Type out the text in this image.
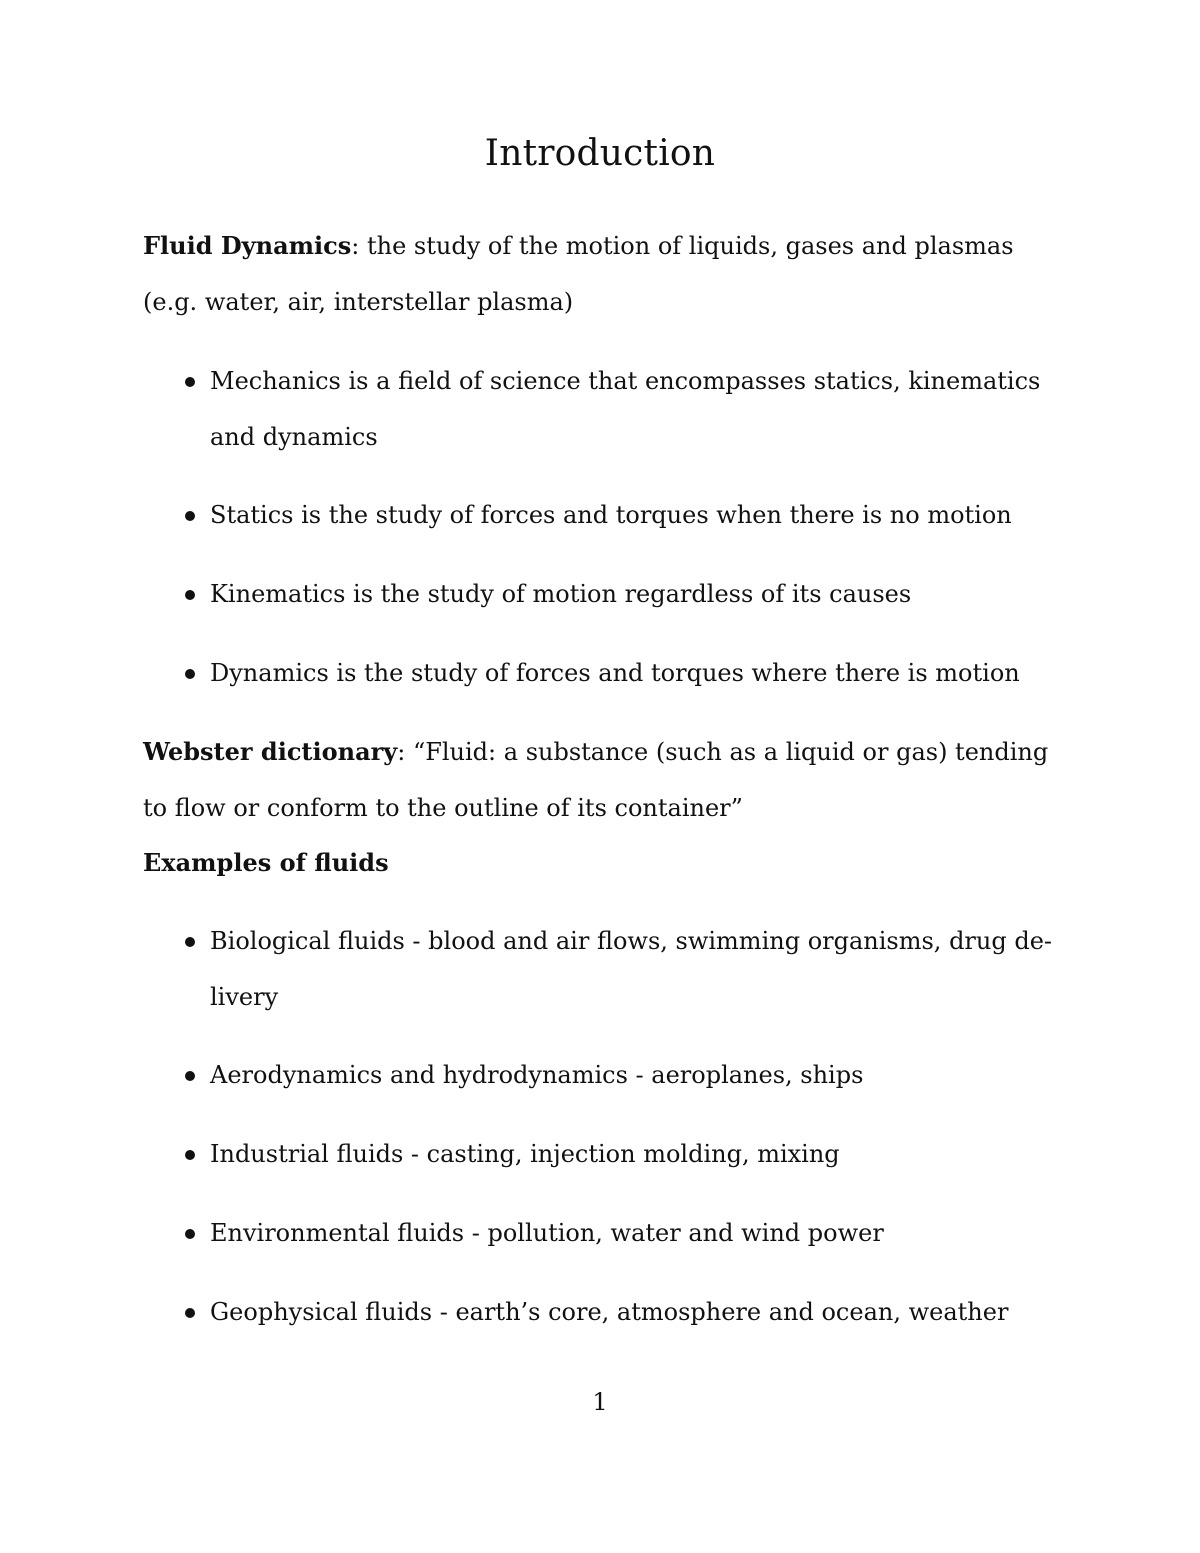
Introduction

Fluid Dynamics: the study of the motion of liquids, gases and plasmas (e.g. water, air, interstellar plasma)

Mechanics is a field of science that encompasses statics, kinematics and dynamics
Statics is the study of forces and torques when there is no motion
Kinematics is the study of motion regardless of its causes
Dynamics is the study of forces and torques where there is motion

Webster dictionary: “Fluid: a substance (such as a liquid or gas) tending to flow or conform to the outline of its container”

Examples of fluids
Biological fluids - blood and air flows, swimming organisms, drug de- livery
Aerodynamics and hydrodynamics - aeroplanes, ships
Industrial fluids - casting, injection molding, mixing
Environmental fluids - pollution, water and wind power
Geophysical fluids - earth’s core, atmosphere and ocean, weather
1
